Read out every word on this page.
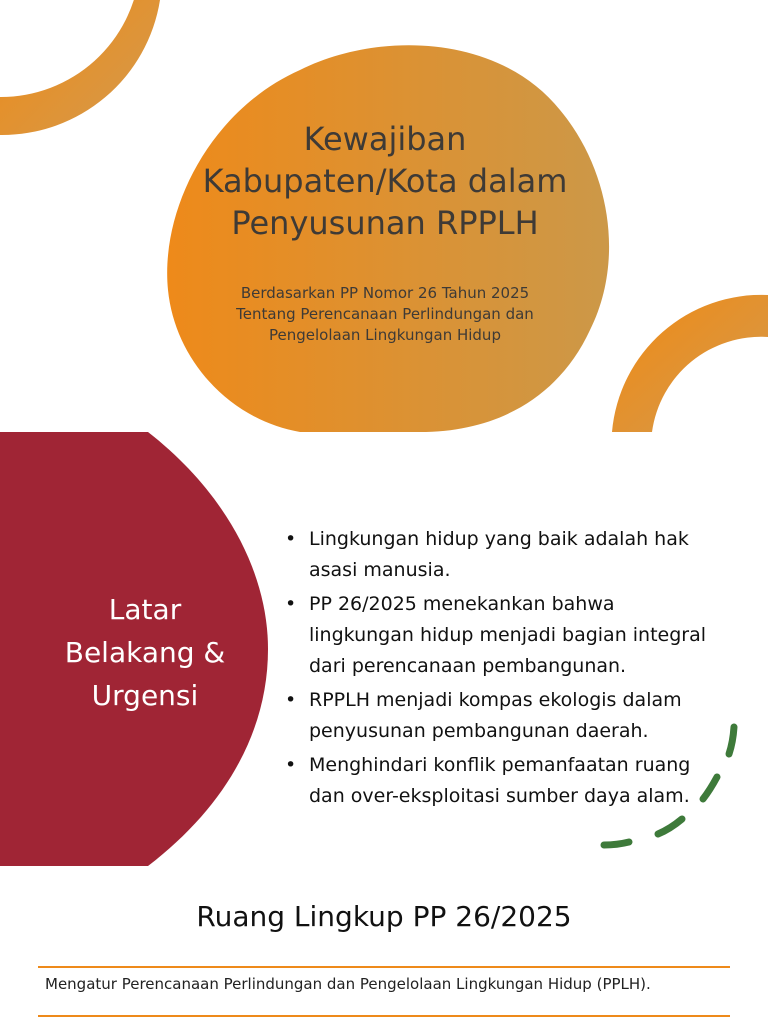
Kewajiban
Kabupaten/Kota dalam
Penyusunan RPPLH
Berdasarkan PP Nomor 26 Tahun 2025
Tentang Perencanaan Perlindungan dan Pengelolaan Lingkungan Hidup
Latar
Belakang &
Urgensi
• Lingkungan hidup yang baik adalah hak asasi manusia.
• PP 26/2025 menekankan bahwa lingkungan hidup menjadi bagian integral dari perencanaan pembangunan.
• RPPLH menjadi kompas ekologis dalam penyusunan pembangunan daerah.
• Menghindari konflik pemanfaatan ruang dan over-eksploitasi sumber daya alam.
Ruang Lingkup PP 26/2025
Mengatur Perencanaan Perlindungan dan Pengelolaan Lingkungan Hidup (PPLH).
